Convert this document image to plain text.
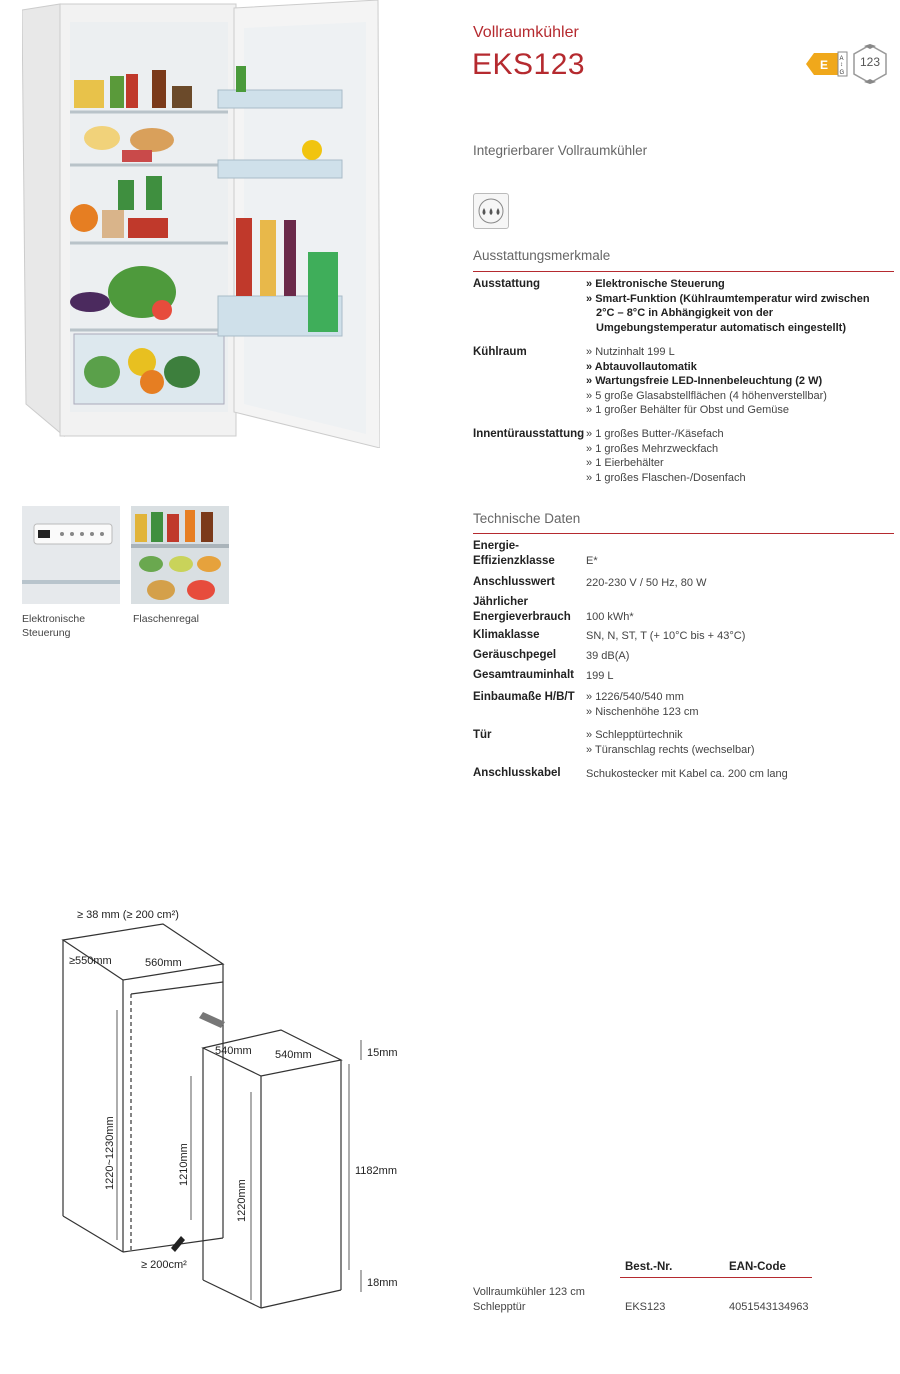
Vollraumkühler
EKS123	E A
↕
G
123
Integrierbarer Vollraumkühler
Ausstattungsmerkmale
Ausstattung	» Elektronische Steuerung
» Smart-Funktion (Kühlraumtemperatur wird zwischen 2°C – 8°C in Abhängigkeit von der Umgebungstemperatur automatisch eingestellt)
Kühlraum	» Nutzinhalt 199 L
» Abtauvollautomatik
» Wartungsfreie LED-Innenbeleuchtung (2 W)
» 5 große Glasabstellflächen (4 höhenverstellbar)
» 1 großer Behälter für Obst und Gemüse
Innentürausstattung	» 1 großes Butter-/Käsefach
» 1 großes Mehrzweckfach
» 1 Eierbehälter
» 1 großes Flaschen-/Dosenfach
Elektronische
Steuerung
Flaschenregal
Technische Daten
Energie-
Effizienzklasse	E*
Anschlusswert	220-230 V / 50 Hz, 80 W
Jährlicher
Energieverbrauch 100 kWh*
Klimaklasse	SN, N, ST, T (+ 10°C bis + 43°C)
Geräuschpegel	39 dB(A)
Gesamtrauminhalt 199 L
Einbaumaße H/B/T	» 1226/540/540 mm
» Nischenhöhe 123 cm
Tür	» Schlepptürtechnik
» Türanschlag rechts (wechselbar)
Anschlusskabel Schukostecker mit Kabel ca. 200 cm lang
≥ 38 mm (≥ 200 cm²)
≥550mm	560mm
1220~1230mm	1210mm
540mm 540mm	15mm
1220mm
1182mm
18mm
≥ 200cm²	Best.-Nr.	EAN-Code
Vollraumkühler 123 cm
Schlepptür	EKS123	4051543134963
